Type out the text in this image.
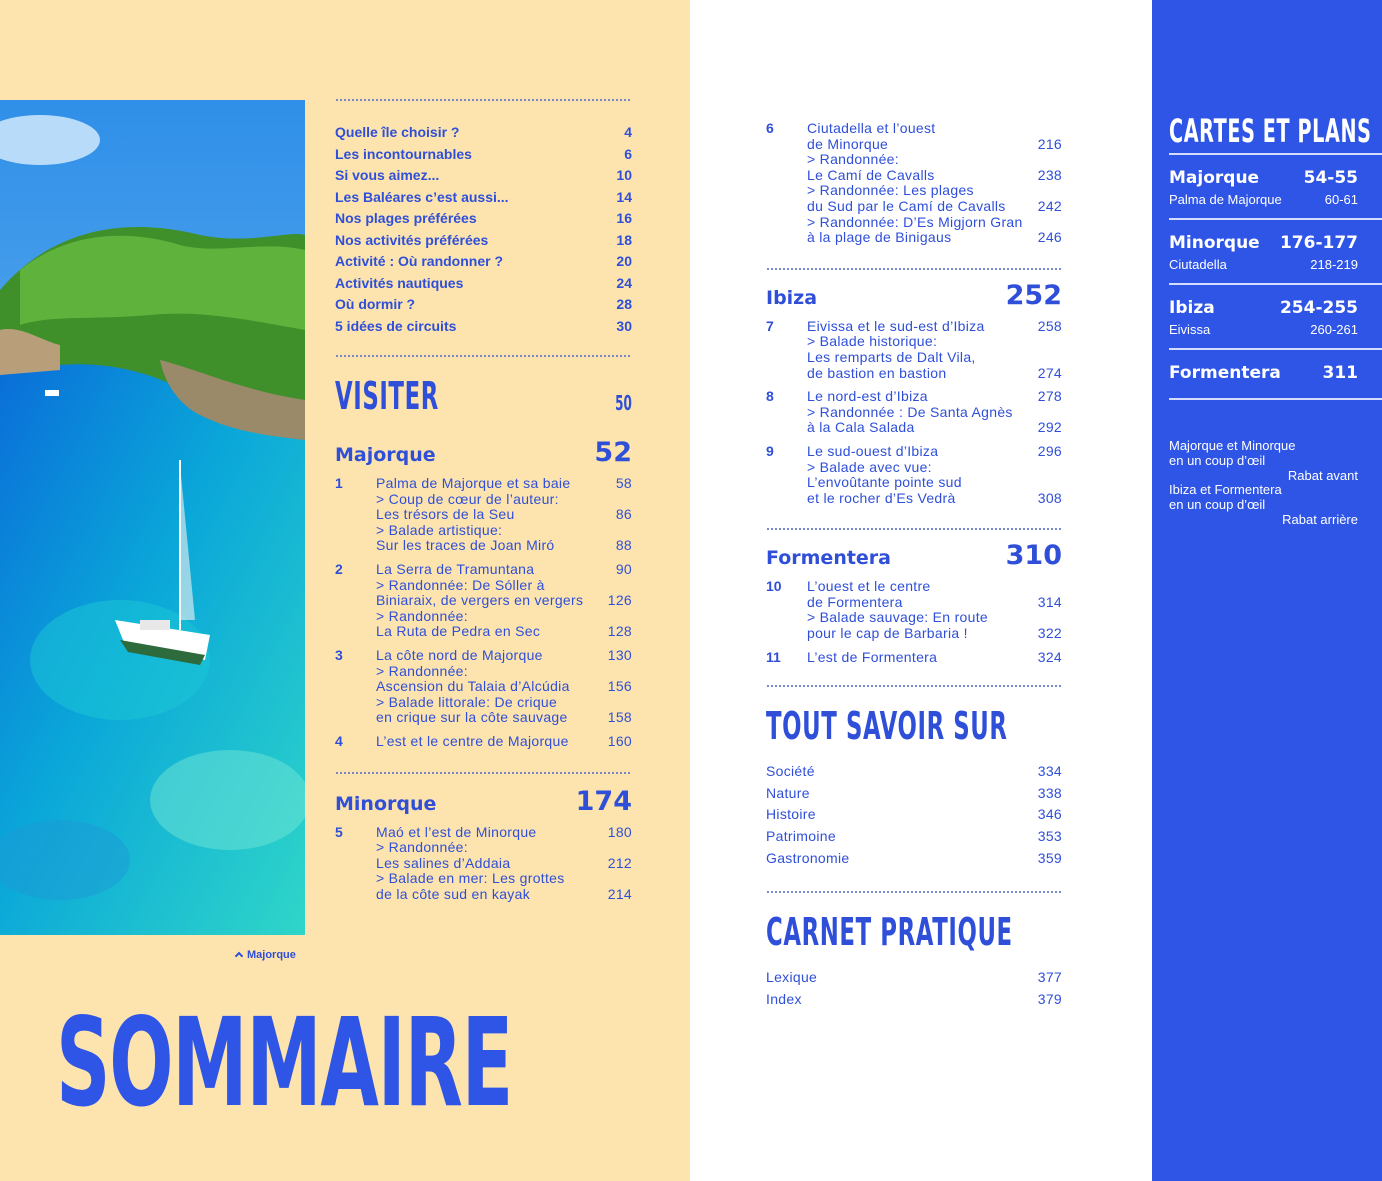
Majorque
SOMMAIRE
Quelle île choisir ?	4
Les incontournables	6
Si vous aimez...	10
Les Baléares c’est aussi...	14
Nos plages préférées	16
Nos activités préférées	18
Activité : Où randonner ?	20
Activités nautiques	24
Où dormir ?	28
5 idées de circuits	30
VISITER	50
Majorque	52
1	Palma de Majorque et sa baie	58
> Coup de cœur de l’auteur:
Les trésors de la Seu	86
> Balade artistique:
Sur les traces de Joan Miró	88
2	La Serra de Tramuntana	90
> Randonnée: De Sóller à
Biniaraix, de vergers en vergers 126
> Randonnée:
La Ruta de Pedra en Sec	128
3	La côte nord de Majorque	130
> Randonnée:
Ascension du Talaia d’Alcúdia	156
> Balade littorale: De crique
en crique sur la côte sauvage	158
4	L’est et le centre de Majorque	160
Minorque	174
5	Maó et l’est de Minorque	180
> Randonnée:
Les salines d’Addaia	212
> Balade en mer: Les grottes
de la côte sud en kayak	214
6	Ciutadella et l’ouest
de Minorque	216
> Randonnée:
Le Camí de Cavalls	238
> Randonnée: Les plages
du Sud par le Camí de Cavalls 242
> Randonnée: D’Es Migjorn Gran
à la plage de Binigaus	246
Ibiza	252
7	Eivissa et le sud-est d’Ibiza	258
> Balade historique:
Les remparts de Dalt Vila,
de bastion en bastion	274
8	Le nord-est d’Ibiza	278
> Randonnée : De Santa Agnès
à la Cala Salada	292
9	Le sud-ouest d’Ibiza	296
> Balade avec vue:
L’envoûtante pointe sud
et le rocher d’Es Vedrà	308
Formentera	310
10	L’ouest et le centre
de Formentera	314
> Balade sauvage: En route
pour le cap de Barbaria !	322
11	L’est de Formentera	324
TOUT SAVOIR SUR
Société	334
Nature	338
Histoire	346
Patrimoine	353
Gastronomie	359
CARNET PRATIQUE
Lexique	377
Index	379
CARTES ET PLANS
Majorque	54-55
Palma de Majorque	60-61
Minorque 176-177
Ciutadella	218-219
Ibiza	254-255
Eivissa	260-261
Formentera 311
Majorque et Minorque
en un coup d’œil
Rabat avant
Ibiza et Formentera
en un coup d’œil
Rabat arrière
